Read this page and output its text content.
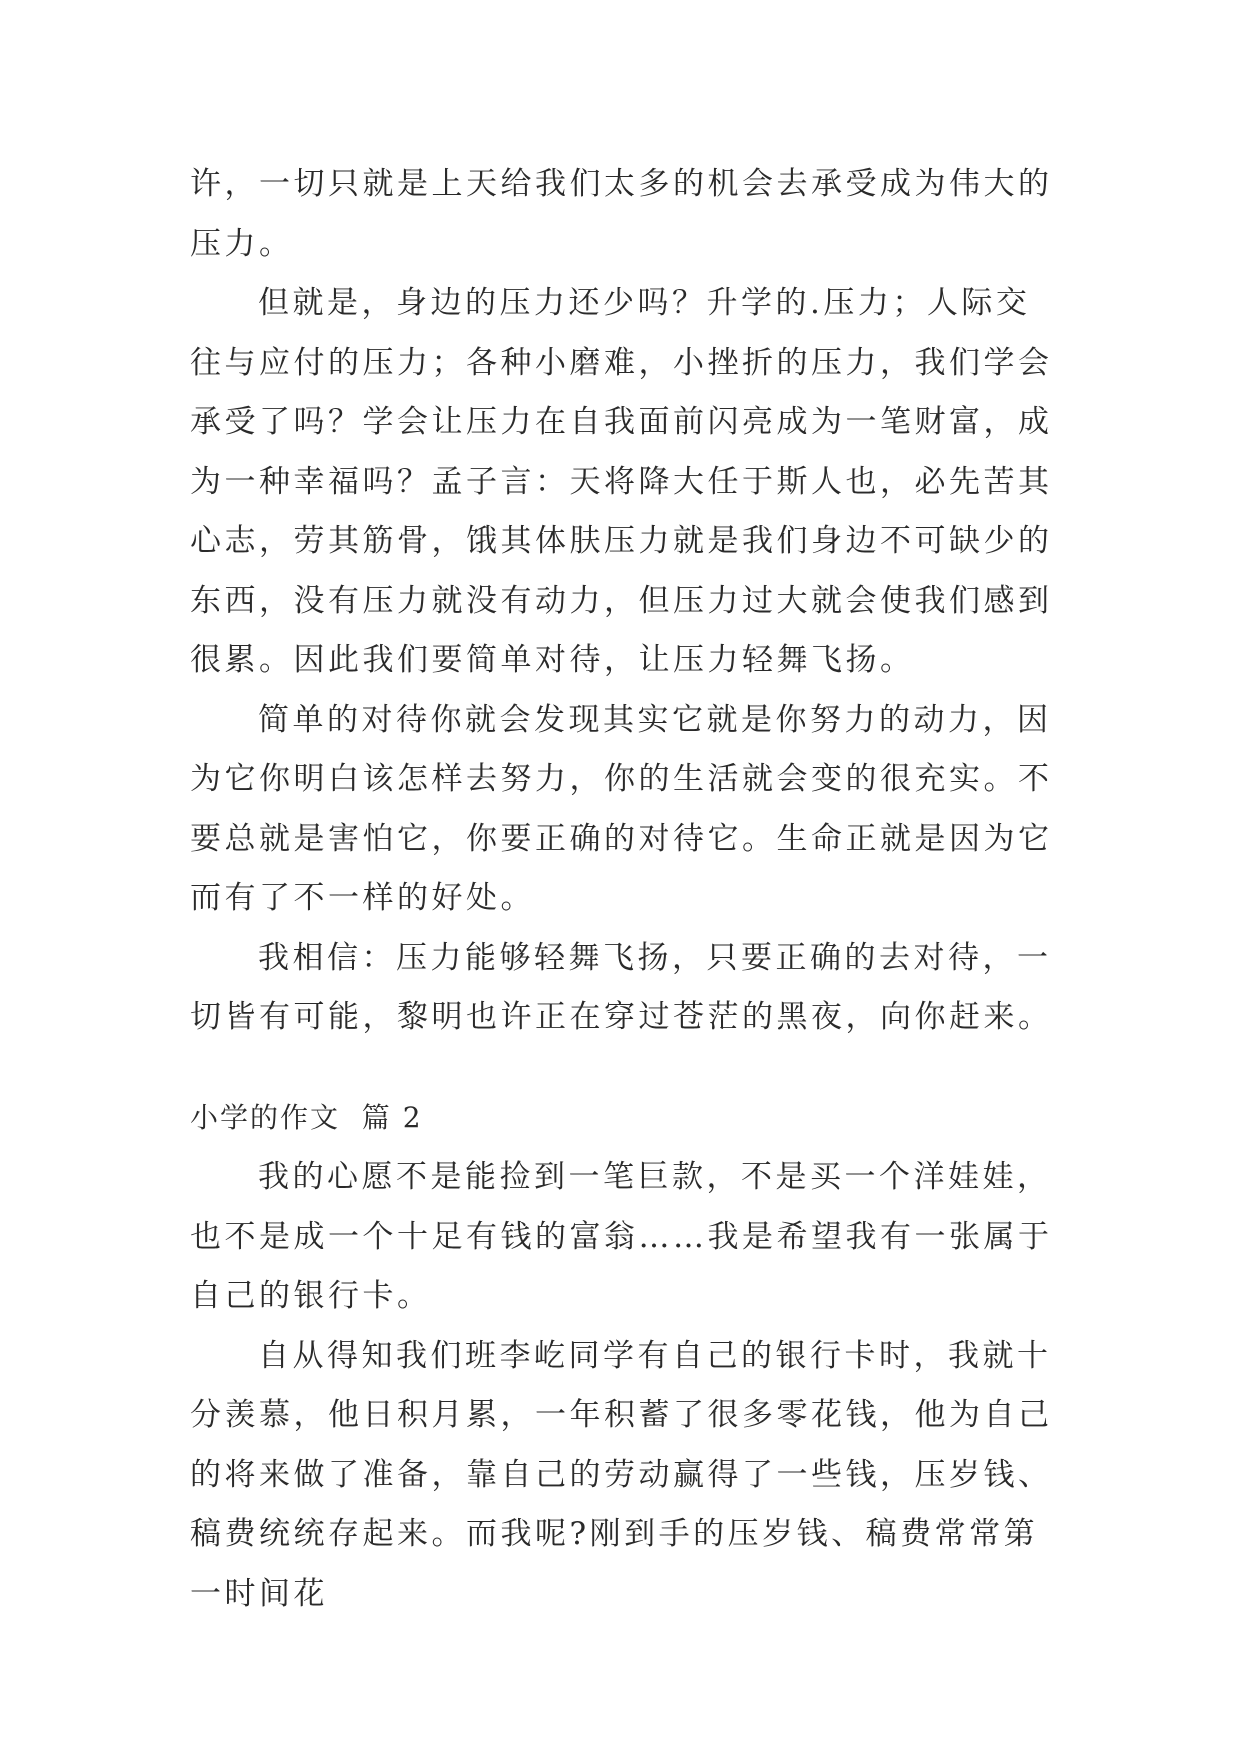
许，一切只就是上天给我们太多的机会去承受成为伟大的压力。

但就是，身边的压力还少吗？升学的.压力；人际交往与应付的压力；各种小磨难，小挫折的压力，我们学会承受了吗？学会让压力在自我面前闪亮成为一笔财富，成为一种幸福吗？孟子言：天将降大任于斯人也，必先苦其心志，劳其筋骨，饿其体肤压力就是我们身边不可缺少的东西，没有压力就没有动力，但压力过大就会使我们感到很累。因此我们要简单对待，让压力轻舞飞扬。

简单的对待你就会发现其实它就是你努力的动力，因为它你明白该怎样去努力，你的生活就会变的很充实。不要总就是害怕它，你要正确的对待它。生命正就是因为它而有了不一样的好处。

我相信：压力能够轻舞飞扬，只要正确的去对待，一切皆有可能，黎明也许正在穿过苍茫的黑夜，向你赶来。

小学的作文  篇 2

我的心愿不是能捡到一笔巨款，不是买一个洋娃娃，也不是成一个十足有钱的富翁……我是希望我有一张属于自己的银行卡。

自从得知我们班李屹同学有自己的银行卡时，我就十分羡慕，他日积月累，一年积蓄了很多零花钱，他为自己的将来做了准备，靠自己的劳动赢得了一些钱，压岁钱、稿费统统存起来。而我呢?刚到手的压岁钱、稿费常常第一时间花
